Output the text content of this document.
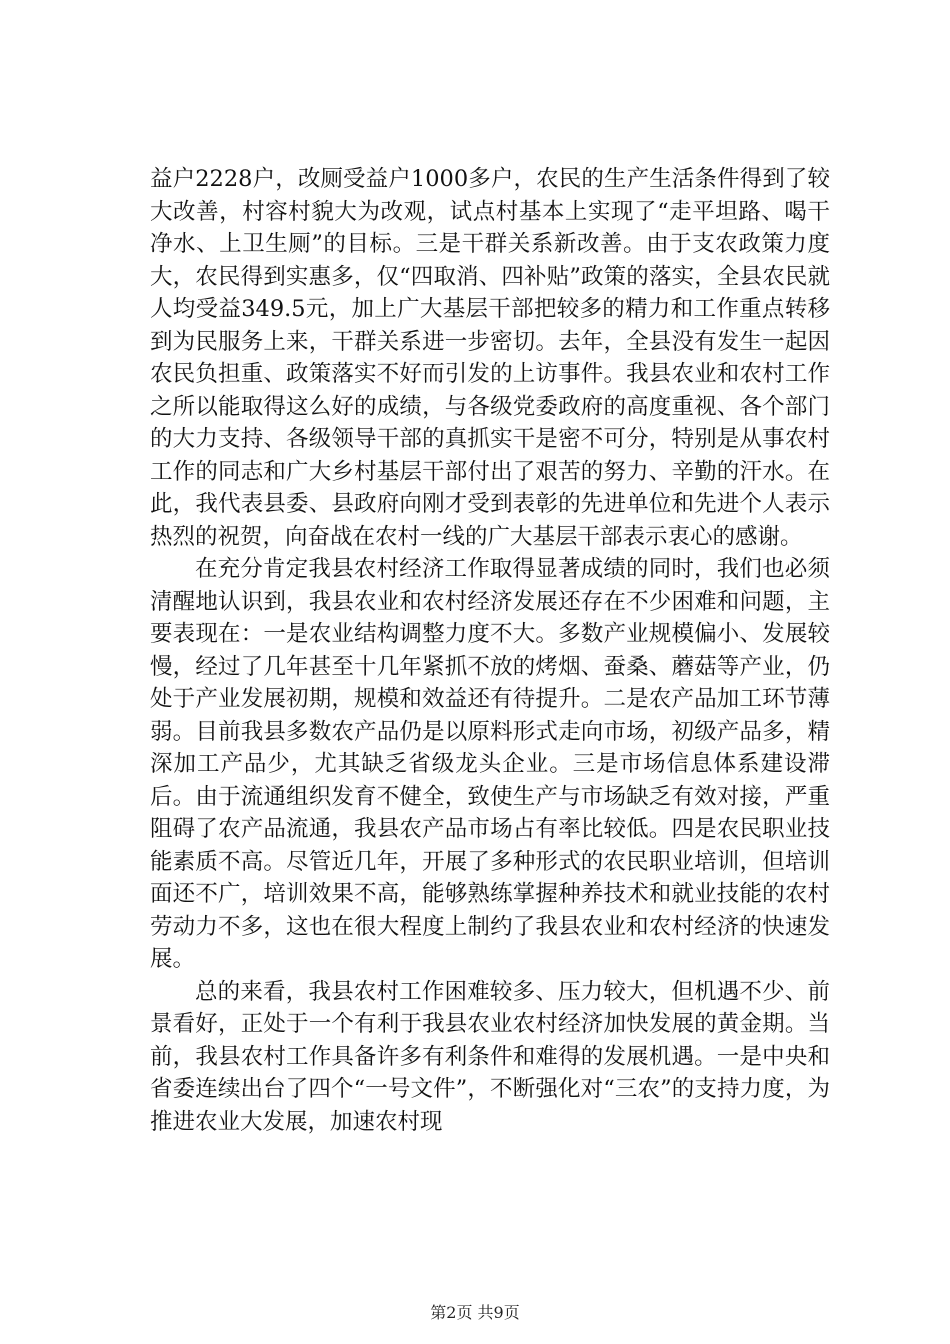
益户2228户，改厕受益户1000多户，农民的生产生活条件得到了较大改善，村容村貌大为改观，试点村基本上实现了“走平坦路、喝干净水、上卫生厕”的目标。三是干群关系新改善。由于支农政策力度大，农民得到实惠多，仅“四取消、四补贴”政策的落实，全县农民就人均受益349.5元，加上广大基层干部把较多的精力和工作重点转移到为民服务上来，干群关系进一步密切。去年，全县没有发生一起因农民负担重、政策落实不好而引发的上访事件。我县农业和农村工作之所以能取得这么好的成绩，与各级党委政府的高度重视、各个部门的大力支持、各级领导干部的真抓实干是密不可分，特别是从事农村工作的同志和广大乡村基层干部付出了艰苦的努力、辛勤的汗水。在此，我代表县委、县政府向刚才受到表彰的先进单位和先进个人表示热烈的祝贺，向奋战在农村一线的广大基层干部表示衷心的感谢。

在充分肯定我县农村经济工作取得显著成绩的同时，我们也必须清醒地认识到，我县农业和农村经济发展还存在不少困难和问题，主要表现在：一是农业结构调整力度不大。多数产业规模偏小、发展较慢，经过了几年甚至十几年紧抓不放的烤烟、蚕桑、蘑菇等产业，仍处于产业发展初期，规模和效益还有待提升。二是农产品加工环节薄弱。目前我县多数农产品仍是以原料形式走向市场，初级产品多，精深加工产品少，尤其缺乏省级龙头企业。三是市场信息体系建设滞后。由于流通组织发育不健全，致使生产与市场缺乏有效对接，严重阻碍了农产品流通，我县农产品市场占有率比较低。四是农民职业技能素质不高。尽管近几年，开展了多种形式的农民职业培训，但培训面还不广，培训效果不高，能够熟练掌握种养技术和就业技能的农村劳动力不多，这也在很大程度上制约了我县农业和农村经济的快速发展。

总的来看，我县农村工作困难较多、压力较大，但机遇不少、前景看好，正处于一个有利于我县农业农村经济加快发展的黄金期。当前，我县农村工作具备许多有利条件和难得的发展机遇。一是中央和省委连续出台了四个“一号文件”，不断强化对“三农”的支持力度，为推进农业大发展，加速农村现

第2页 共9页
